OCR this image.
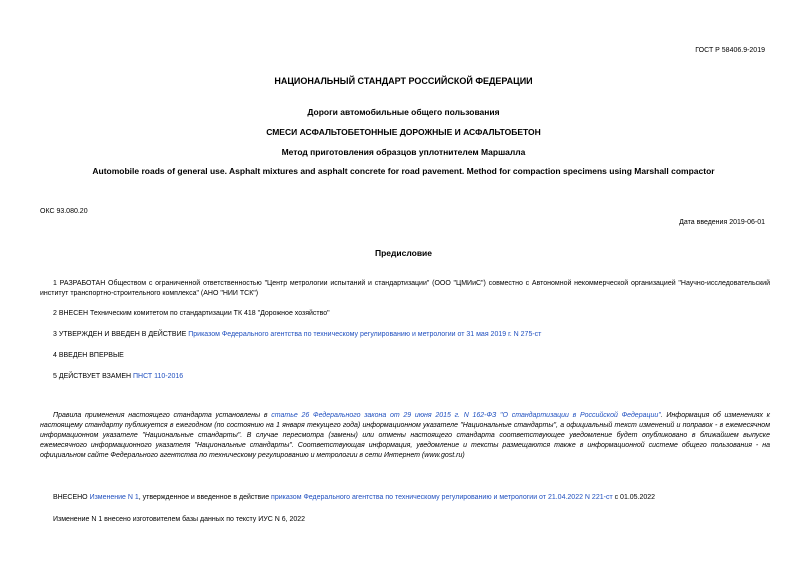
ГОСТ Р 58406.9-2019
НАЦИОНАЛЬНЫЙ СТАНДАРТ РОССИЙСКОЙ ФЕДЕРАЦИИ
Дороги автомобильные общего пользования
СМЕСИ АСФАЛЬТОБЕТОННЫЕ ДОРОЖНЫЕ И АСФАЛЬТОБЕТОН
Метод приготовления образцов уплотнителем Маршалла
Automobile roads of general use. Asphalt mixtures and asphalt concrete for road pavement. Method for compaction specimens using Marshall compactor
ОКС 93.080.20
Дата введения 2019-06-01
Предисловие
1 РАЗРАБОТАН Обществом с ограниченной ответственностью "Центр метрологии испытаний и стандартизации" (ООО "ЦМИиС") совместно с Автономной некоммерческой организацией "Научно-исследовательский институт транспортно-строительного комплекса" (АНО "НИИ ТСК")
2 ВНЕСЕН Техническим комитетом по стандартизации ТК 418 "Дорожное хозяйство"
3 УТВЕРЖДЕН И ВВЕДЕН В ДЕЙСТВИЕ Приказом Федерального агентства по техническому регулированию и метрологии от 31 мая 2019 г. N 275-ст
4 ВВЕДЕН ВПЕРВЫЕ
5 ДЕЙСТВУЕТ ВЗАМЕН ПНСТ 110-2016
Правила применения настоящего стандарта установлены в статье 26 Федерального закона от 29 июня 2015 г. N 162-ФЗ "О стандартизации в Российской Федерации". Информация об изменениях к настоящему стандарту публикуется в ежегодном (по состоянию на 1 января текущего года) информационном указателе "Национальные стандарты", а официальный текст изменений и поправок - в ежемесячном информационном указателе "Национальные стандарты". В случае пересмотра (замены) или отмены настоящего стандарта соответствующее уведомление будет опубликовано в ближайшем выпуске ежемесячного информационного указателя "Национальные стандарты". Соответствующая информация, уведомление и тексты размещаются также в информационной системе общего пользования - на официальном сайте Федерального агентства по техническому регулированию и метрологии в сети Интернет (www.gost.ru)
ВНЕСЕНО Изменение N 1, утвержденное и введенное в действие приказом Федерального агентства по техническому регулированию и метрологии от 21.04.2022 N 221-ст с 01.05.2022
Изменение N 1 внесено изготовителем базы данных по тексту ИУС N 6, 2022
